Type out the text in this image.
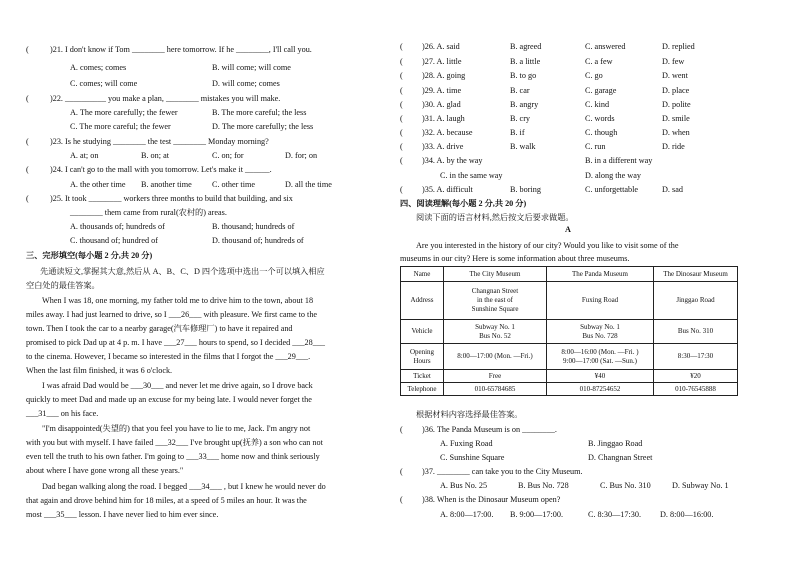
(	)21. I don't know if Tom ________ here tomorrow. If he ________, I'll call you.
A. comes; comes	B. will come; will come
C. comes; will come	D. will come; comes
(	)22. __________ you make a plan, ________ mistakes you will make.
A. The more carefully; the fewer	B. The more careful; the less
C. The more careful; the fewer	D. The more carefully; the less
(	)23. Is he studying ________ the test ________ Monday morning?
A. at; on	B. on; at	C. on; for	D. for; on
(	)24. I can't go to the mall with you tomorrow. Let's make it ______.
A. the other time B. another time C. other time	D. all the time
(	)25. It took ________ workers three months to build that building, and six
________ them came from rural(农村的) areas.
A. thousands of; hundreds of	B. thousand; hundreds of
C. thousand of; hundred of	D. thousand of; hundreds of
三、完形填空(每小题 2 分,共 20 分)
先通读短文,掌握其大意,然后从 A、B、C、D 四个选项中选出一个可以填入相应
空白处的最佳答案。
When I was 18, one morning, my father told me to drive him to the town, about 18
miles away. I had just learned to drive, so I ___26___ with pleasure. We first came to the
town. Then I took the car to a nearby garage(汽车修理厂) to have it repaired and
promised to pick Dad up at 4 p. m. I have ___27___ hours to spend, so I decided ___28___
to the cinema. However, I became so interested in the films that I forgot the ___29___.
When the last film finished, it was 6 o'clock.
I was afraid Dad would be ___30___ and never let me drive again, so I drove back
quickly to meet Dad and made up an excuse for my being late. I would never forget the
___31___ on his face.
"I'm disappointed(失望的) that you feel you have to lie to me, Jack. I'm angry not
with you but with myself. I have failed ___32___ I've brought up(抚养) a son who can not
even tell the truth to his own father. I'm going to ___33___ home now and think seriously
about where I have gone wrong all these years."
Dad began walking along the road. I begged ___34___ , but I knew he would never do
that again and drove behind him for 18 miles, at a speed of 5 miles an hour. It was the
most ___35___ lesson. I have never lied to him ever since.
( )26. A. said	B. agreed	C. answered	D. replied
( )27. A. little	B. a little	C. a few	D. few
( )28. A. going	B. to go	C. go	D. went
( )29. A. time	B. car	C. garage	D. place
( )30. A. glad	B. angry	C. kind	D. polite
( )31. A. laugh	B. cry	C. words	D. smile
( )32. A. because	B. if	C. though	D. when
( )33. A. drive	B. walk	C. run	D. ride
( )34. A. by the way	B. in a different way
C. in the same way	D. along the way
( )35. A. difficult	B. boring	C. unforgettable	D. sad
四、阅读理解(每小题 2 分,共 20 分)
阅读下面的语言材料,然后按文后要求做题。
A
Are you interested in the history of our city? Would you like to visit some of the
museums in our city? Here is some information about three museums.
Name	The City Museum	The Panda Museum	The Dinosaur Museum
Address	Changnan Street
in the east of
Sunshine Square	Fuxing Road	Jinggao Road
Vehicle	Subway No. 1
Bus No. 52	Subway No. 1
Bus No. 728	Bus No. 310
Opening
Hours	8:00—17:00 (Mon. —Fri.)	8:00—16:00 (Mon. —Fri. )
9:00—17:00 (Sat. —Sun.)	8:30—17:30
Ticket	Free	¥40	¥20
Telephone	010-65784685	010-87254652	010-76545888
根据材料内容选择最佳答案。
( )36. The Panda Museum is on ________.
A. Fuxing Road	B. Jinggao Road
C. Sunshine Square	D. Changnan Street
( )37. ________ can take you to the City Museum.
A. Bus No. 25	B. Bus No. 728	C. Bus No. 310	D. Subway No. 1
( )38. When is the Dinosaur Museum open?
A. 8:00—17:00. B. 9:00—17:00.	C. 8:30—17:30. D. 8:00—16:00.
